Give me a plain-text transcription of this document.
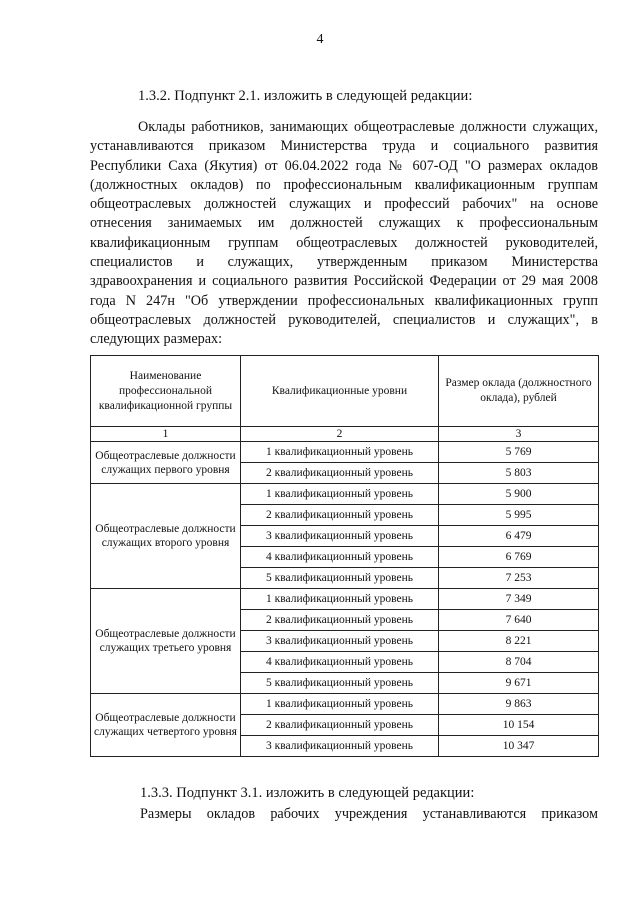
4
1.3.2. Подпункт 2.1. изложить в следующей редакции:
Оклады работников, занимающих общеотраслевые должности служащих, устанавливаются приказом Министерства труда и социального развития Республики Саха (Якутия) от 06.04.2022 года № 607-ОД "О размерах окладов (должностных окладов) по профессиональным квалификационным группам общеотраслевых должностей служащих и профессий рабочих" на основе отнесения занимаемых им должностей служащих к профессиональным квалификационным группам общеотраслевых должностей руководителей, специалистов и служащих, утвержденным приказом Министерства здравоохранения и социального развития Российской Федерации от 29 мая 2008 года N 247н "Об утверждении профессиональных квалификационных групп общеотраслевых должностей руководителей, специалистов и служащих", в следующих размерах:
Наименование профессиональной квалификационной группы	Квалификационные уровни	Размер оклада (должностного оклада), рублей
1	2	3
Общеотраслевые должности служащих первого уровня	1 квалификационный уровень	5 769
	2 квалификационный уровень	5 803
Общеотраслевые должности служащих второго уровня	1 квалификационный уровень	5 900
	2 квалификационный уровень	5 995
	3 квалификационный уровень	6 479
	4 квалификационный уровень	6 769
	5 квалификационный уровень	7 253
Общеотраслевые должности служащих третьего уровня	1 квалификационный уровень	7 349
	2 квалификационный уровень	7 640
	3 квалификационный уровень	8 221
	4 квалификационный уровень	8 704
	5 квалификационный уровень	9 671
Общеотраслевые должности служащих четвертого уровня	1 квалификационный уровень	9 863
	2 квалификационный уровень	10 154
	3 квалификационный уровень	10 347
1.3.3. Подпункт 3.1. изложить в следующей редакции:
Размеры окладов рабочих учреждения устанавливаются приказом
